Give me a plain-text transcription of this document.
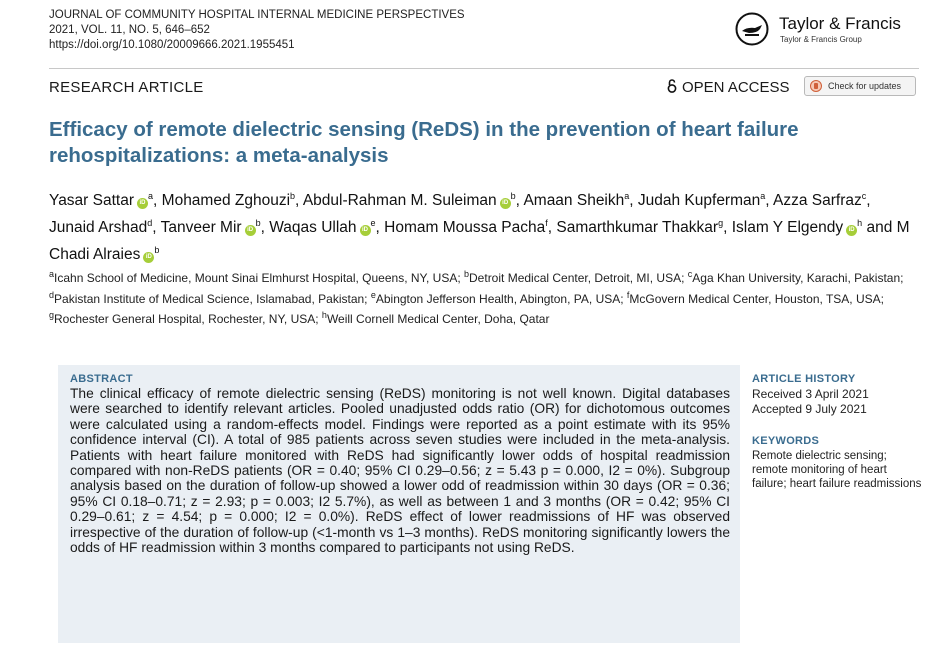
JOURNAL OF COMMUNITY HOSPITAL INTERNAL MEDICINE PERSPECTIVES
2021, VOL. 11, NO. 5, 646–652
https://doi.org/10.1080/20009666.2021.1955451
Taylor & Francis
Taylor & Francis Group
RESEARCH ARTICLE	OPEN ACCESS	Check for updates
Efficacy of remote dielectric sensing (ReDS) in the prevention of heart failure rehospitalizations: a meta-analysis
Yasar Sattar $iD^a$, Mohamed Zghouzi$^b$, Abdul-Rahman M. Suleiman $iD^b$, Amaan Sheikh$^a$, Judah Kupferman$^a$, Azza Sarfraz$^c$, Junaid Arshad$^d$, Tanveer Mir $iD^b$, Waqas Ullah $iD^e$, Homam Moussa Pacha$^f$, Samarthkumar Thakkar$^g$, Islam Y Elgendy $iD^h$ and M Chadi Alraies $iD^b$
$^a$Icahn School of Medicine, Mount Sinai Elmhurst Hospital, Queens, NY, USA; $^b$Detroit Medical Center, Detroit, MI, USA; $^c$Aga Khan University, Karachi, Pakistan; $^d$Pakistan Institute of Medical Science, Islamabad, Pakistan; $^e$Abington Jefferson Health, Abington, PA, USA; $^f$McGovern Medical Center, Houston, TSA, USA; $^g$Rochester General Hospital, Rochester, NY, USA; $^h$Weill Cornell Medical Center, Doha, Qatar
ABSTRACT
The clinical efficacy of remote dielectric sensing (ReDS) monitoring is not well known. Digital databases were searched to identify relevant articles. Pooled unadjusted odds ratio (OR) for dichotomous outcomes were calculated using a random-effects model. Findings were reported as a point estimate with its 95% confidence interval (CI). A total of 985 patients across seven studies were included in the meta-analysis. Patients with heart failure monitored with ReDS had significantly lower odds of hospital readmission compared with non-ReDS patients (OR = 0.40; 95% CI 0.29–0.56; z = 5.43 p = 0.000, I2 = 0%). Subgroup analysis based on the duration of follow-up showed a lower odd of readmission within 30 days (OR = 0.36; 95% CI 0.18–0.71; z = 2.93; p = 0.003; I2 5.7%), as well as between 1 and 3 months (OR = 0.42; 95% CI 0.29–0.61; z = 4.54; p = 0.000; I2 = 0.0%). ReDS effect of lower readmissions of HF was observed irrespective of the duration of follow-up (<1-month vs 1–3 months). ReDS monitoring significantly lowers the odds of HF readmission within 3 months compared to participants not using ReDS.
ARTICLE HISTORY
Received 3 April 2021
Accepted 9 July 2021
KEYWORDS
Remote dielectric sensing; remote monitoring of heart failure; heart failure readmissions
